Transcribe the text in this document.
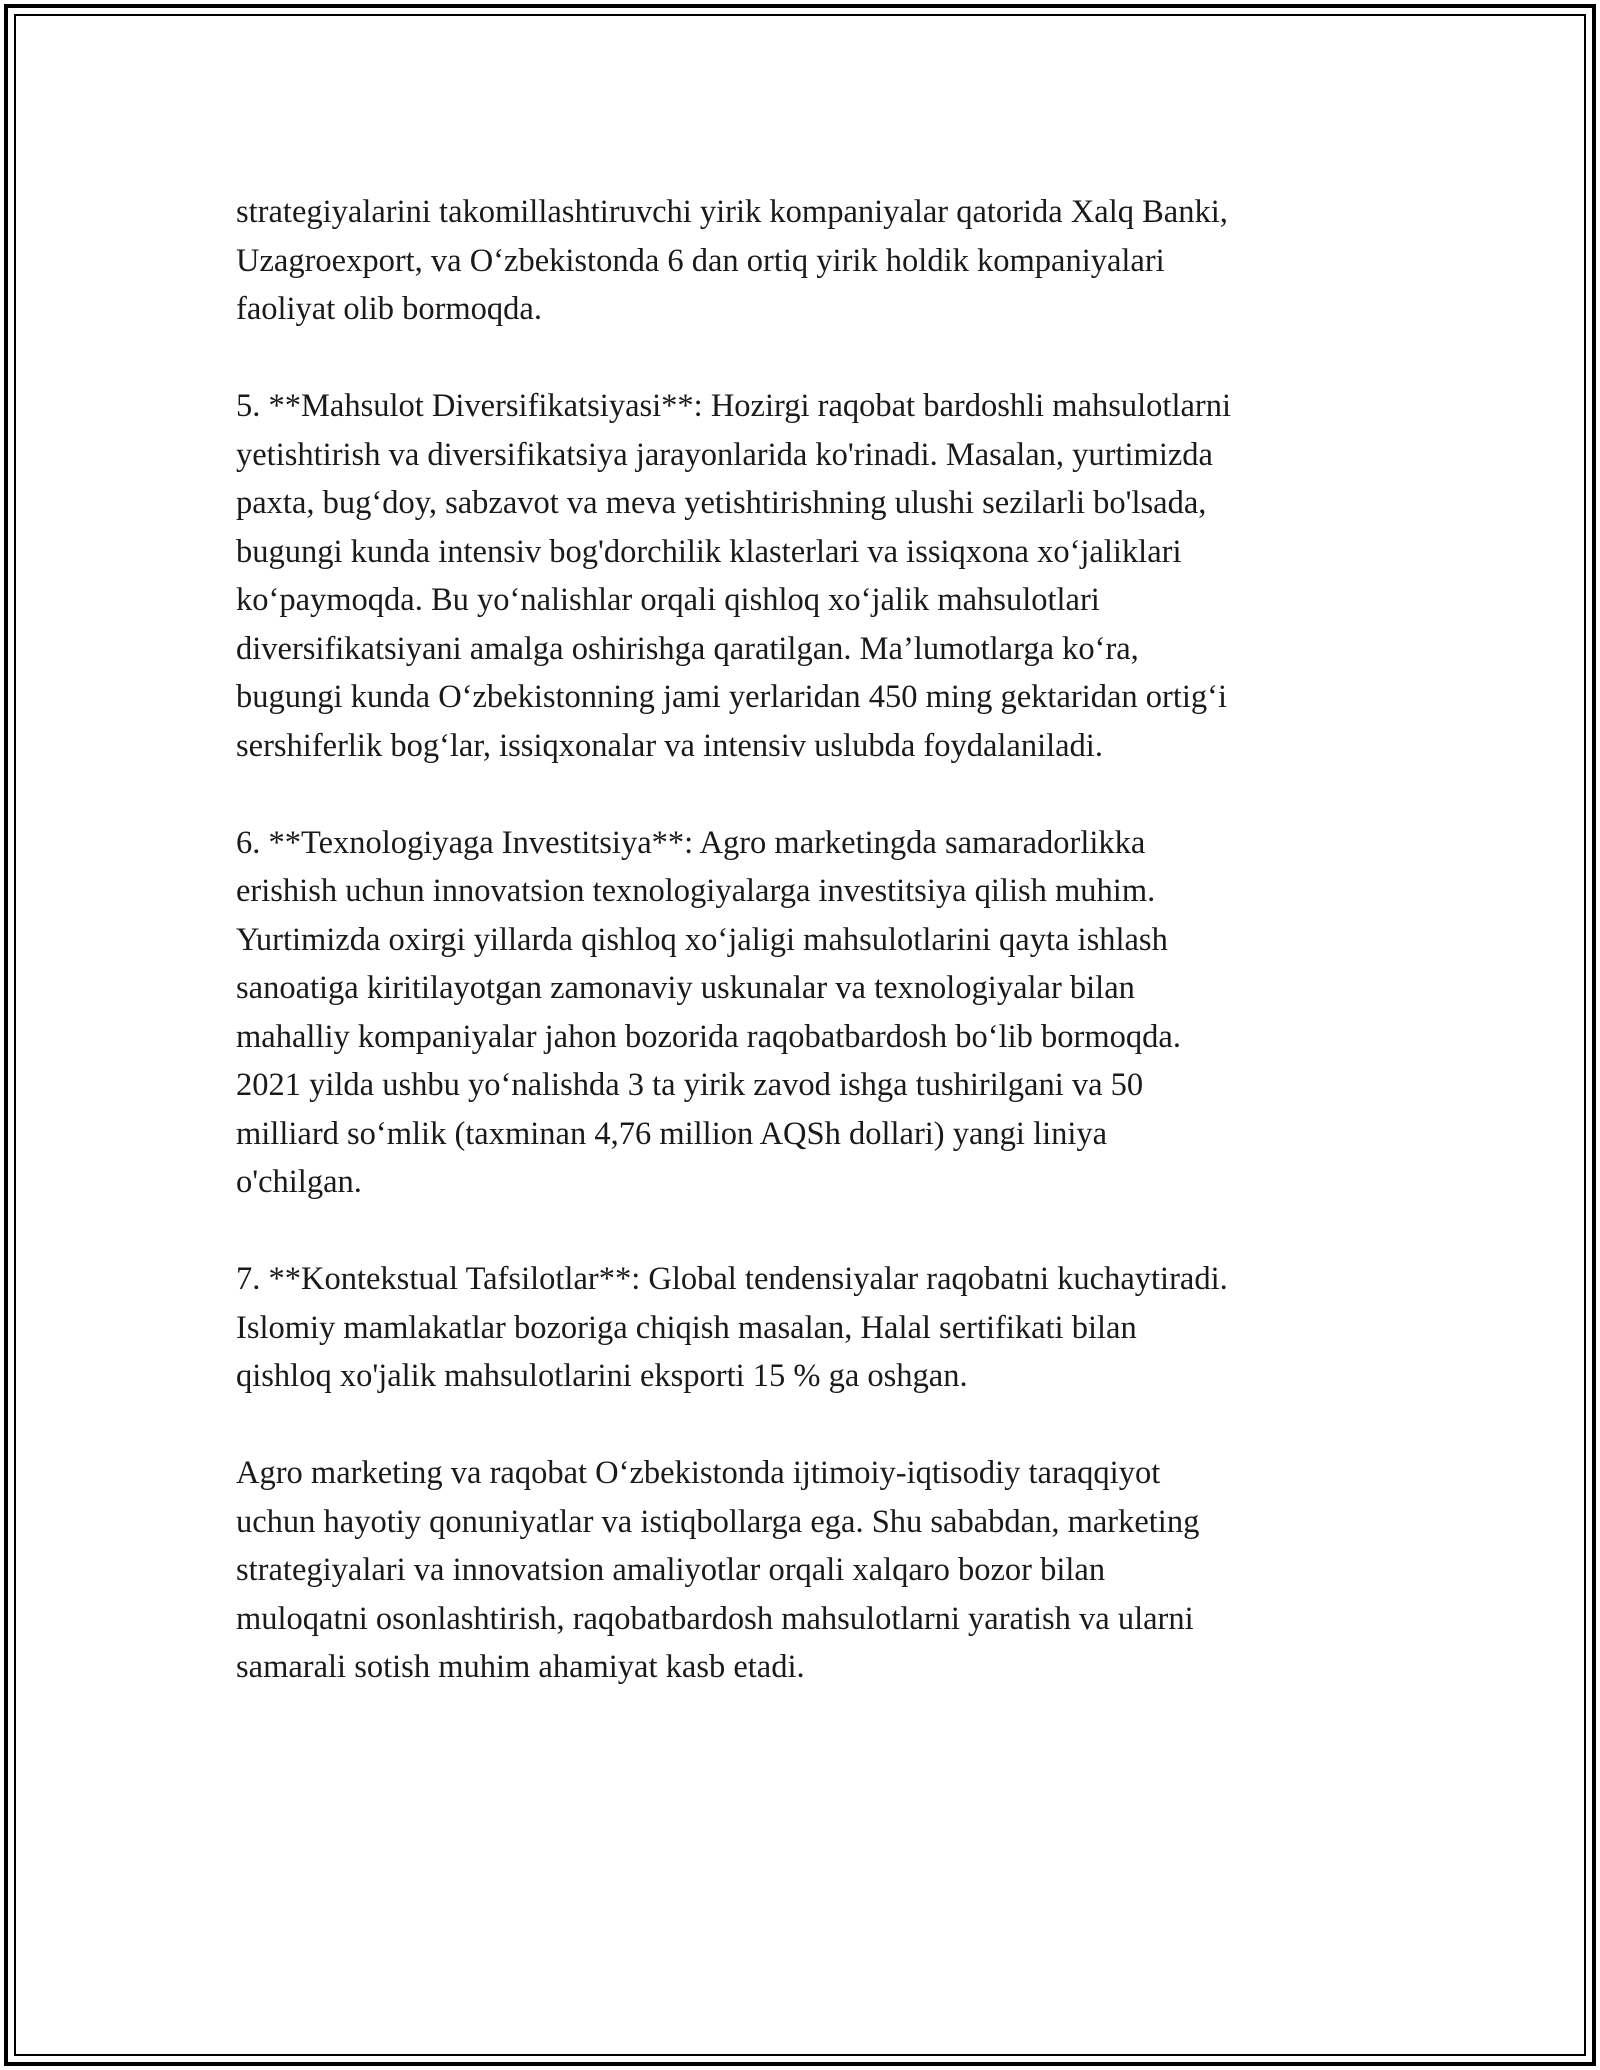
strategiyalarini takomillashtiruvchi yirik kompaniyalar qatorida Xalq Banki,
Uzagroexport, va O‘zbekistonda 6 dan ortiq yirik holdik kompaniyalari
faoliyat olib bormoqda.

5. **Mahsulot Diversifikatsiyasi**: Hozirgi raqobat bardoshli mahsulotlarni
yetishtirish va diversifikatsiya jarayonlarida ko'rinadi. Masalan, yurtimizda
paxta, bug‘doy, sabzavot va meva yetishtirishning ulushi sezilarli bo'lsada,
bugungi kunda intensiv bog'dorchilik klasterlari va issiqxona xo‘jaliklari
ko‘paymoqda. Bu yo‘nalishlar orqali qishloq xo‘jalik mahsulotlari
diversifikatsiyani amalga oshirishga qaratilgan. Ma’lumotlarga ko‘ra,
bugungi kunda O‘zbekistonning jami yerlaridan 450 ming gektaridan ortig‘i
sershiferlik bog‘lar, issiqxonalar va intensiv uslubda foydalaniladi.

6. **Texnologiyaga Investitsiya**: Agro marketingda samaradorlikka
erishish uchun innovatsion texnologiyalarga investitsiya qilish muhim.
Yurtimizda oxirgi yillarda qishloq xo‘jaligi mahsulotlarini qayta ishlash
sanoatiga kiritilayotgan zamonaviy uskunalar va texnologiyalar bilan
mahalliy kompaniyalar jahon bozorida raqobatbardosh bo‘lib bormoqda.
2021 yilda ushbu yo‘nalishda 3 ta yirik zavod ishga tushirilgani va 50
milliard so‘mlik (taxminan 4,76 million AQSh dollari) yangi liniya
o'chilgan.

7. **Kontekstual Tafsilotlar**: Global tendensiyalar raqobatni kuchaytiradi.
Islomiy mamlakatlar bozoriga chiqish masalan, Halal sertifikati bilan
qishloq xo'jalik mahsulotlarini eksporti 15 % ga oshgan.

Agro marketing va raqobat O‘zbekistonda ijtimoiy-iqtisodiy taraqqiyot
uchun hayotiy qonuniyatlar va istiqbollarga ega. Shu sababdan, marketing
strategiyalari va innovatsion amaliyotlar orqali xalqaro bozor bilan
muloqatni osonlashtirish, raqobatbardosh mahsulotlarni yaratish va ularni
samarali sotish muhim ahamiyat kasb etadi.
